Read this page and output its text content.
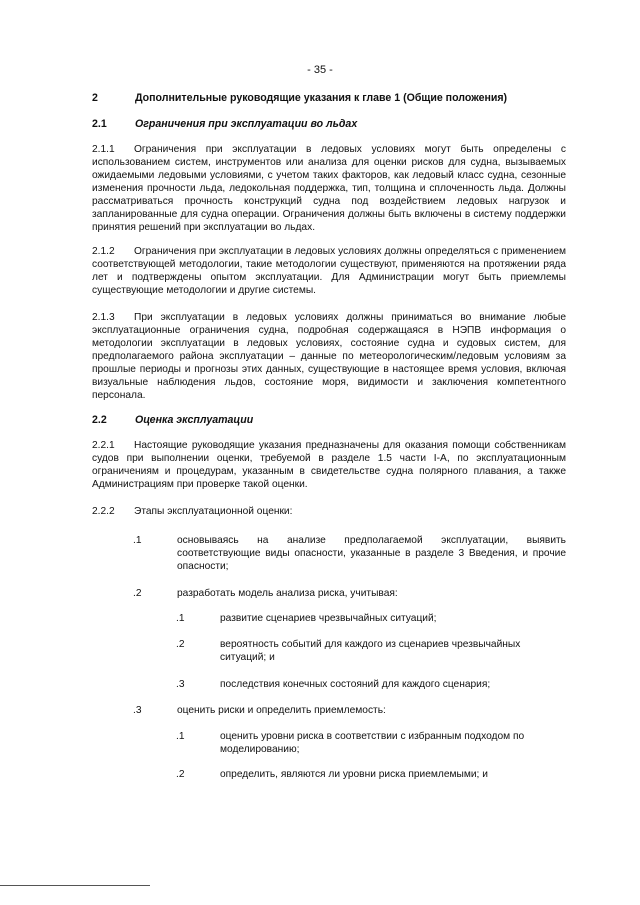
- 35 -
2	Дополнительные руководящие указания к главе 1 (Общие положения)
2.1	Ограничения при эксплуатации во льдах
2.1.1 Ограничения при эксплуатации в ледовых условиях могут быть определены с использованием систем, инструментов или анализа для оценки рисков для судна, вызываемых ожидаемыми ледовыми условиями, с учетом таких факторов, как ледовый класс судна, сезонные изменения прочности льда, ледокольная поддержка, тип, толщина и сплоченность льда. Должны рассматриваться прочность конструкций судна под воздействием ледовых нагрузок и запланированные для судна операции. Ограничения должны быть включены в систему поддержки принятия решений при эксплуатации во льдах.
2.1.2 Ограничения при эксплуатации в ледовых условиях должны определяться с применением соответствующей методологии, такие методологии существуют, применяются на протяжении ряда лет и подтверждены опытом эксплуатации. Для Администрации могут быть приемлемы существующие методологии и другие системы.
2.1.3 При эксплуатации в ледовых условиях должны приниматься во внимание любые эксплуатационные ограничения судна, подробная содержащаяся в НЭПВ информация о методологии эксплуатации в ледовых условиях, состояние судна и судовых систем, для предполагаемого района эксплуатации – данные по метеорологическим/ледовым условиям за прошлые периоды и прогнозы этих данных, существующие в настоящее время условия, включая визуальные наблюдения льдов, состояние моря, видимости и заключения компетентного персонала.
2.2	Оценка эксплуатации
2.2.1 Настоящие руководящие указания предназначены для оказания помощи собственникам судов при выполнении оценки, требуемой в разделе 1.5 части I-A, по эксплуатационным ограничениям и процедурам, указанным в свидетельстве судна полярного плавания, а также Администрациям при проверке такой оценки.
2.2.2 Этапы эксплуатационной оценки:
.1	основываясь на анализе предполагаемой эксплуатации, выявить соответствующие виды опасности, указанные в разделе 3 Введения, и прочие опасности;
.2	разработать модель анализа риска, учитывая:
.1	развитие сценариев чрезвычайных ситуаций;
.2	вероятность событий для каждого из сценариев чрезвычайных ситуаций; и
.3	последствия конечных состояний для каждого сценария;
.3	оценить риски и определить приемлемость:
.1	оценить уровни риска в соответствии с избранным подходом по моделированию;
.2	определить, являются ли уровни риска приемлемыми; и
